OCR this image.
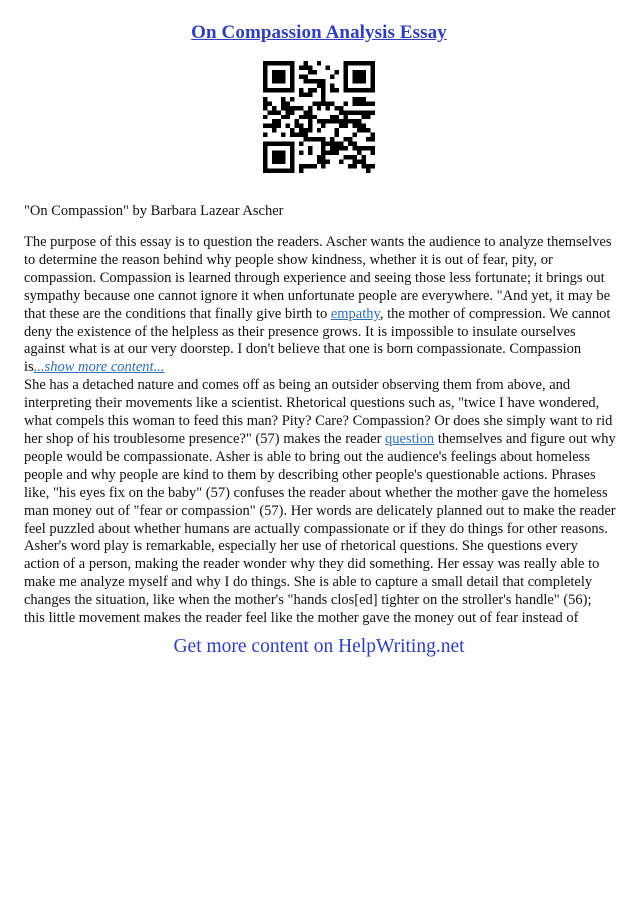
On Compassion Analysis Essay
"On Compassion" by Barbara Lazear Ascher

The purpose of this essay is to question the readers. Ascher wants the audience to analyze themselves to determine the reason behind why people show kindness, whether it is out of fear, pity, or compassion. Compassion is learned through experience and seeing those less fortunate; it brings out sympathy because one cannot ignore it when unfortunate people are everywhere. "And yet, it may be that these are the conditions that finally give birth to empathy, the mother of compression. We cannot deny the existence of the helpless as their presence grows. It is impossible to insulate ourselves against what is at our very doorstep. I don't believe that one is born compassionate. Compassion is...show more content...

She has a detached nature and comes off as being an outsider observing them from above, and interpreting their movements like a scientist. Rhetorical questions such as, "twice I have wondered, what compels this woman to feed this man? Pity? Care? Compassion? Or does she simply want to rid her shop of his troublesome presence?" (57) makes the reader question themselves and figure out why people would be compassionate. Asher is able to bring out the audience's feelings about homeless people and why people are kind to them by describing other people's questionable actions. Phrases like, "his eyes fix on the baby" (57) confuses the reader about whether the mother gave the homeless man money out of "fear or compassion" (57). Her words are delicately planned out to make the reader feel puzzled about whether humans are actually compassionate or if they do things for other reasons. Asher's word play is remarkable, especially her use of rhetorical questions. She questions every action of a person, making the reader wonder why they did something. Her essay was really able to make me analyze myself and why I do things. She is able to capture a small detail that completely changes the situation, like when the mother's "hands clos[ed] tighter on the stroller's handle" (56); this little movement makes the reader feel like the mother gave the money out of fear instead of

Get more content on HelpWriting.net
